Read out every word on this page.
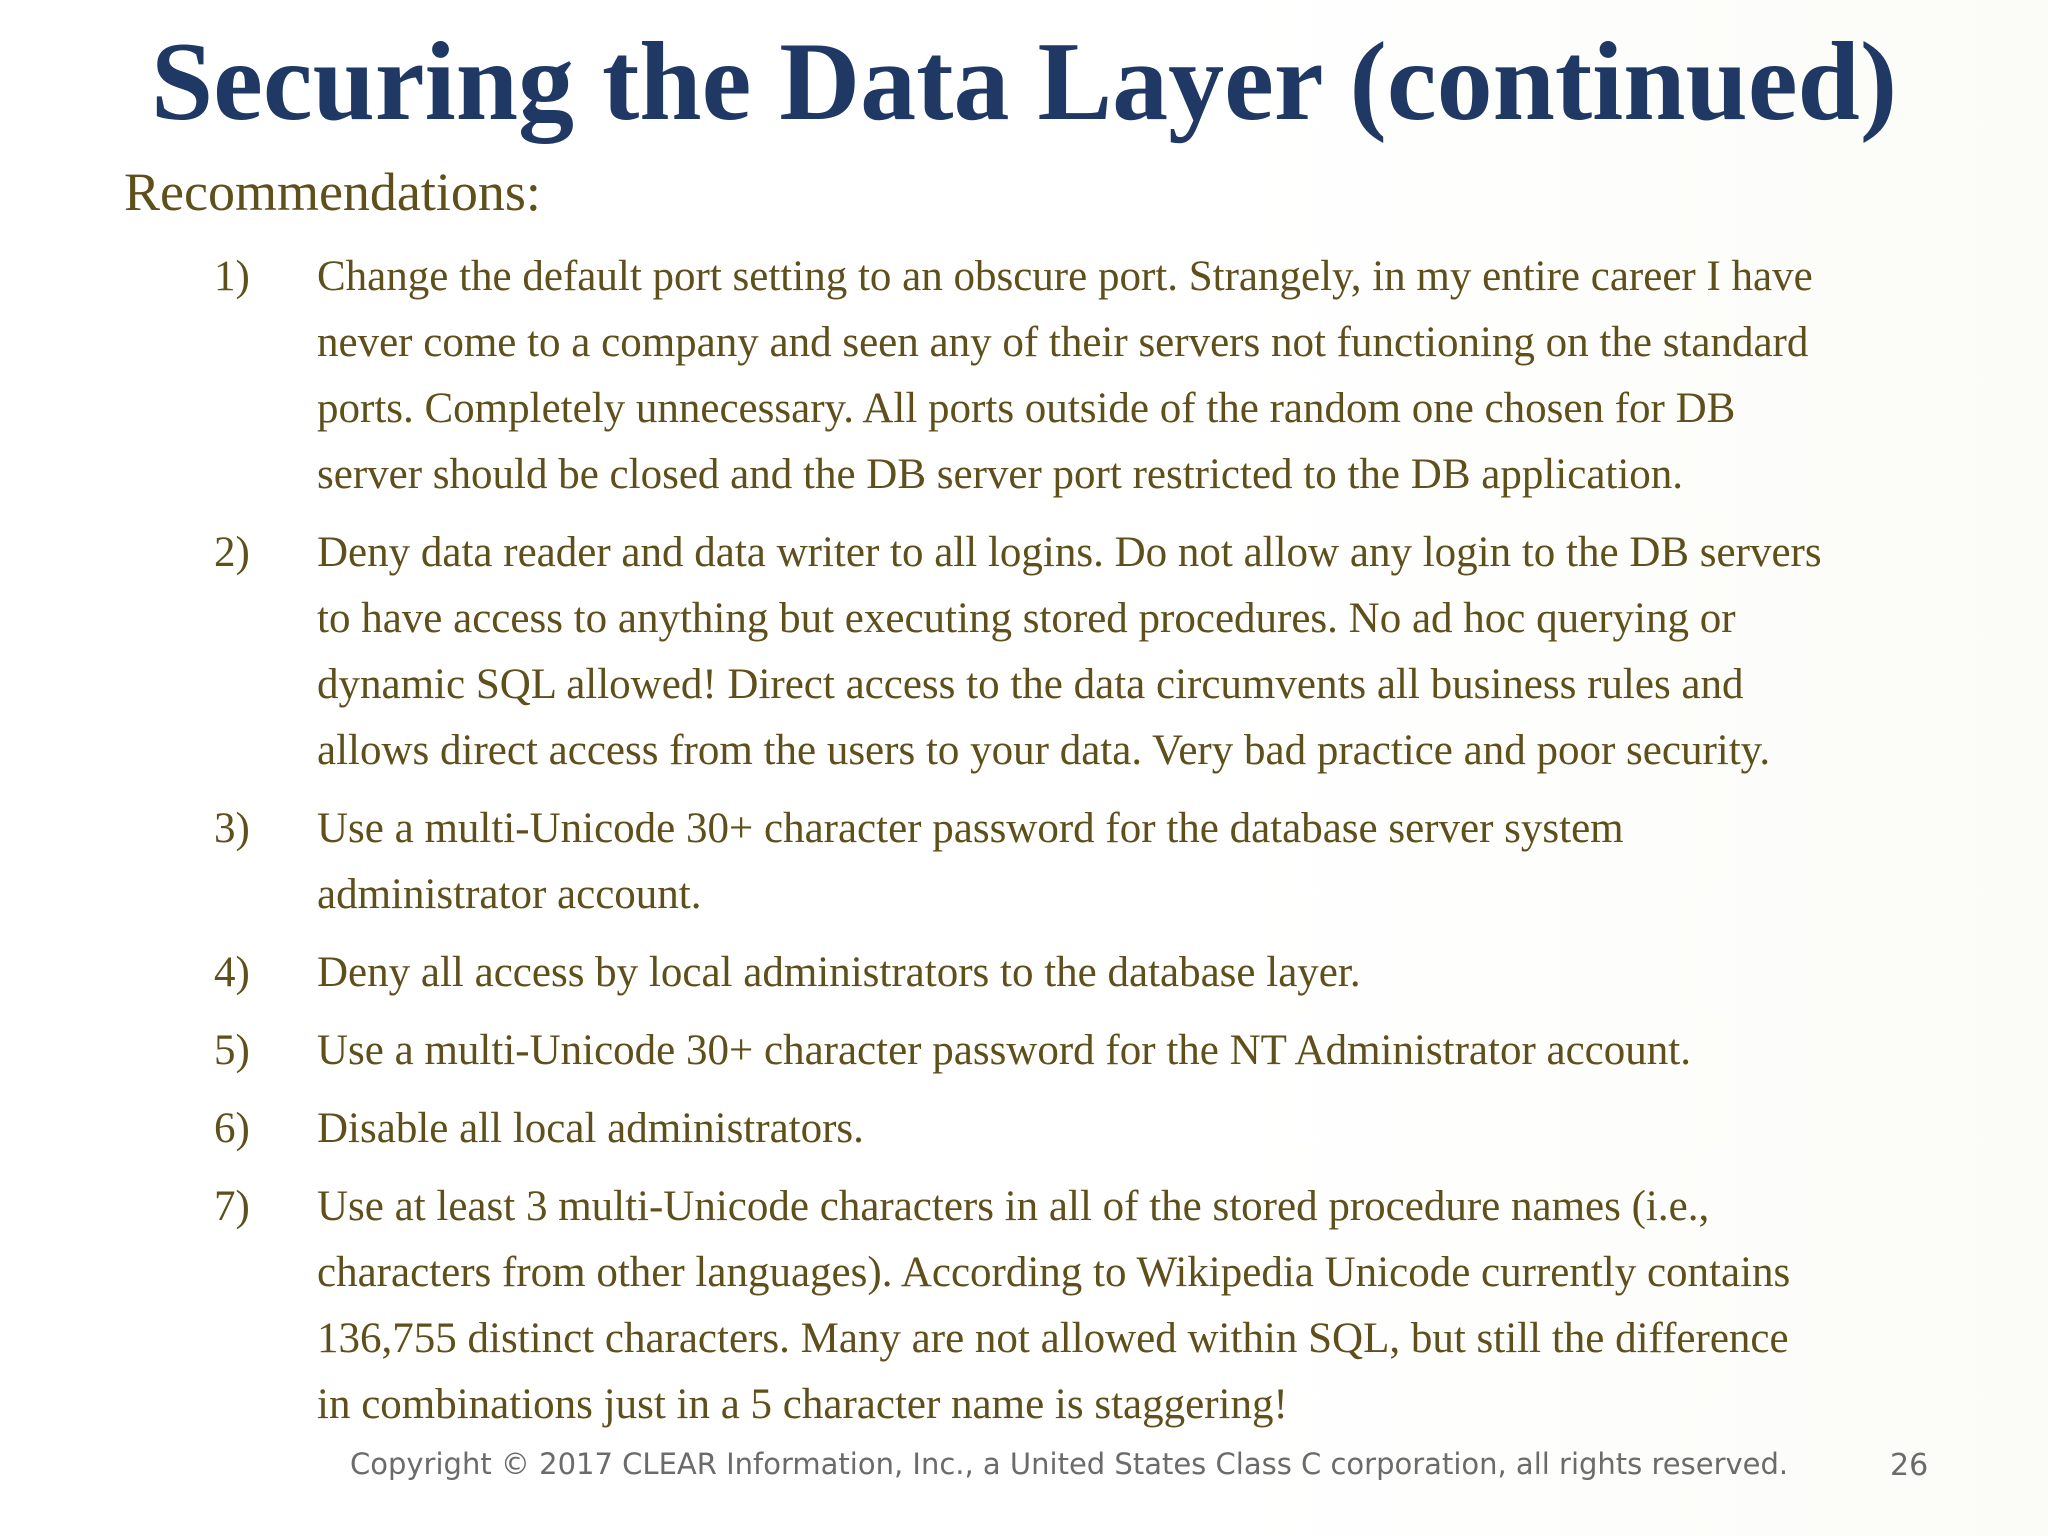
Securing the Data Layer (continued)

Recommendations:

1)	Change the default port setting to an obscure port. Strangely, in my entire career I have
never come to a company and seen any of their servers not functioning on the standard
ports. Completely unnecessary. All ports outside of the random one chosen for DB
server should be closed and the DB server port restricted to the DB application.
2)	Deny data reader and data writer to all logins. Do not allow any login to the DB servers
to have access to anything but executing stored procedures. No ad hoc querying or
dynamic SQL allowed! Direct access to the data circumvents all business rules and
allows direct access from the users to your data. Very bad practice and poor security.
3)	Use a multi-Unicode 30+ character password for the database server system
administrator account.
4)	Deny all access by local administrators to the database layer.
5)	Use a multi-Unicode 30+ character password for the NT Administrator account.
6)	Disable all local administrators.
7)	Use at least 3 multi-Unicode characters in all of the stored procedure names (i.e.,
characters from other languages). According to Wikipedia Unicode currently contains
136,755 distinct characters. Many are not allowed within SQL, but still the difference
in combinations just in a 5 character name is staggering!

Copyright © 2017 CLEAR Information, Inc., a United States Class C corporation, all rights reserved.	26
